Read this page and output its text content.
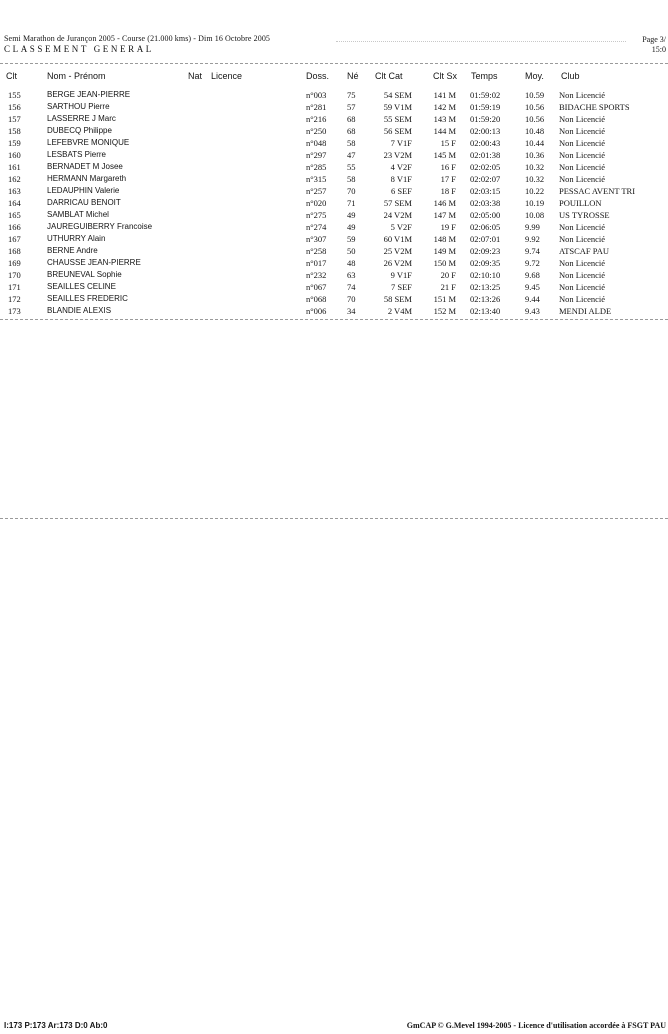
Semi Marathon de Jurançon 2005 - Course (21.000 kms) - Dim 16 Octobre 2005
CLASSEMENT GENERAL
Page 3/
15:0
Clt	Nom - Prénom	Nat Licence	Doss. Né Clt Cat	Clt Sx Temps	Moy. Club
155	BERGE JEAN-PIERRE	n°003 75	54 SEM	141 M 01:59:02	10.59 Non Licencié
156	SARTHOU Pierre	n°281 57	59 V1M	142 M 01:59:19	10.56 BIDACHE SPORTS
157	LASSERRE J Marc	n°216 68	55 SEM	143 M 01:59:20	10.56 Non Licencié
158	DUBECQ Philippe	n°250 68	56 SEM	144 M 02:00:13	10.48 Non Licencié
159	LEFEBVRE MONIQUE	n°048 58	7 V1F	15 F 02:00:43	10.44 Non Licencié
160	LESBATS Pierre	n°297 47	23 V2M	145 M 02:01:38	10.36 Non Licencié
161	BERNADET M Josee	n°285 55	4 V2F	16 F 02:02:05	10.32 Non Licencié
162	HERMANN Margareth	n°315 58	8 V1F	17 F 02:02:07	10.32 Non Licencié
163	LEDAUPHIN Valerie	n°257 70	6 SEF	18 F 02:03:15	10.22 PESSAC AVENT TRI
164	DARRICAU BENOIT	n°020 71	57 SEM	146 M 02:03:38	10.19 POUILLON
165	SAMBLAT Michel	n°275 49	24 V2M	147 M 02:05:00	10.08 US TYROSSE
166	JAUREGUIBERRY Francoise	n°274 49	5 V2F	19 F 02:06:05	9.99 Non Licencié
167	UTHURRY Alain	n°307 59	60 V1M	148 M 02:07:01	9.92 Non Licencié
168	BERNE Andre	n°258 50	25 V2M	149 M 02:09:23	9.74 ATSCAF PAU
169	CHAUSSE JEAN-PIERRE	n°017 48	26 V2M	150 M 02:09:35	9.72 Non Licencié
170	BREUNEVAL Sophie	n°232 63	9 V1F	20 F 02:10:10	9.68 Non Licencié
171	SEAILLES CELINE	n°067 74	7 SEF	21 F 02:13:25	9.45 Non Licencié
172	SEAILLES FREDERIC	n°068 70	58 SEM	151 M 02:13:26	9.44 Non Licencié
173	BLANDIE ALEXIS	n°006 34	2 V4M	152 M 02:13:40	9.43 MENDI ALDE
I:173 P:173 Ar:173 D:0 Ab:0	GmCAP © G.Mevel 1994-2005 - Licence d'utilisation accordée à FSGT PAU
